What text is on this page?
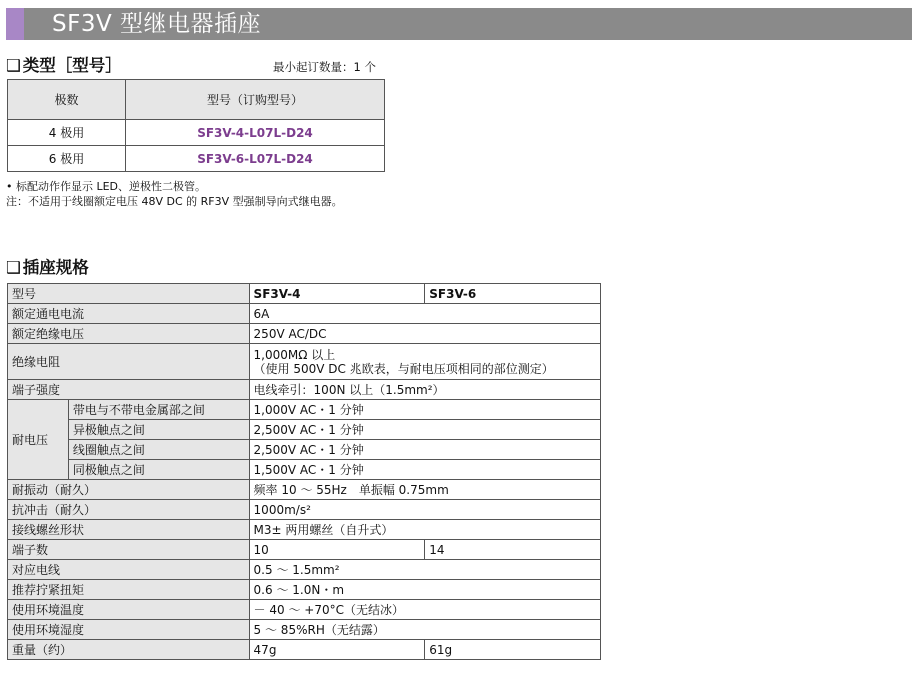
SF3V 型继电器插座
❑ 类型［型号］	最小起订数量：1 个
极数	型号（订购型号）
4 极用	SF3V-4-L07L-D24
6 极用	SF3V-6-L07L-D24
• 标配动作作显示 LED、逆极性二极管。
注：不适用于线圈额定电压 48V DC 的 RF3V 型强制导向式继电器。
❑ 插座规格
型号		SF3V-4	SF3V-6
额定通电电流		6A	
额定绝缘电压		250V AC/DC	
绝缘电阻		1,000MΩ 以上
（使用 500V DC 兆欧表，与耐电压项相同的部位测定）	

端子强度		电线牵引：100N 以上（1.5mm²）	
耐电压	带电与不带电金属部之间	1,000V AC・1 分钟	
	异极触点之间	2,500V AC・1 分钟	
	线圈触点之间	2,500V AC・1 分钟	
	同极触点之间	1,500V AC・1 分钟	
耐振动（耐久）		频率 10 ～ 55Hz　单振幅 0.75mm	
抗冲击（耐久）		1000m/s²	
接线螺丝形状		M3± 两用螺丝（自升式）	
端子数		10	14
对应电线		0.5 ～ 1.5mm²	
推荐拧紧扭矩		0.6 ～ 1.0N・m	
使用环境温度		－ 40 ～ +70°C（无结冰）	
使用环境湿度		5 ～ 85%RH（无结露）	
重量（约）		47g	61g
